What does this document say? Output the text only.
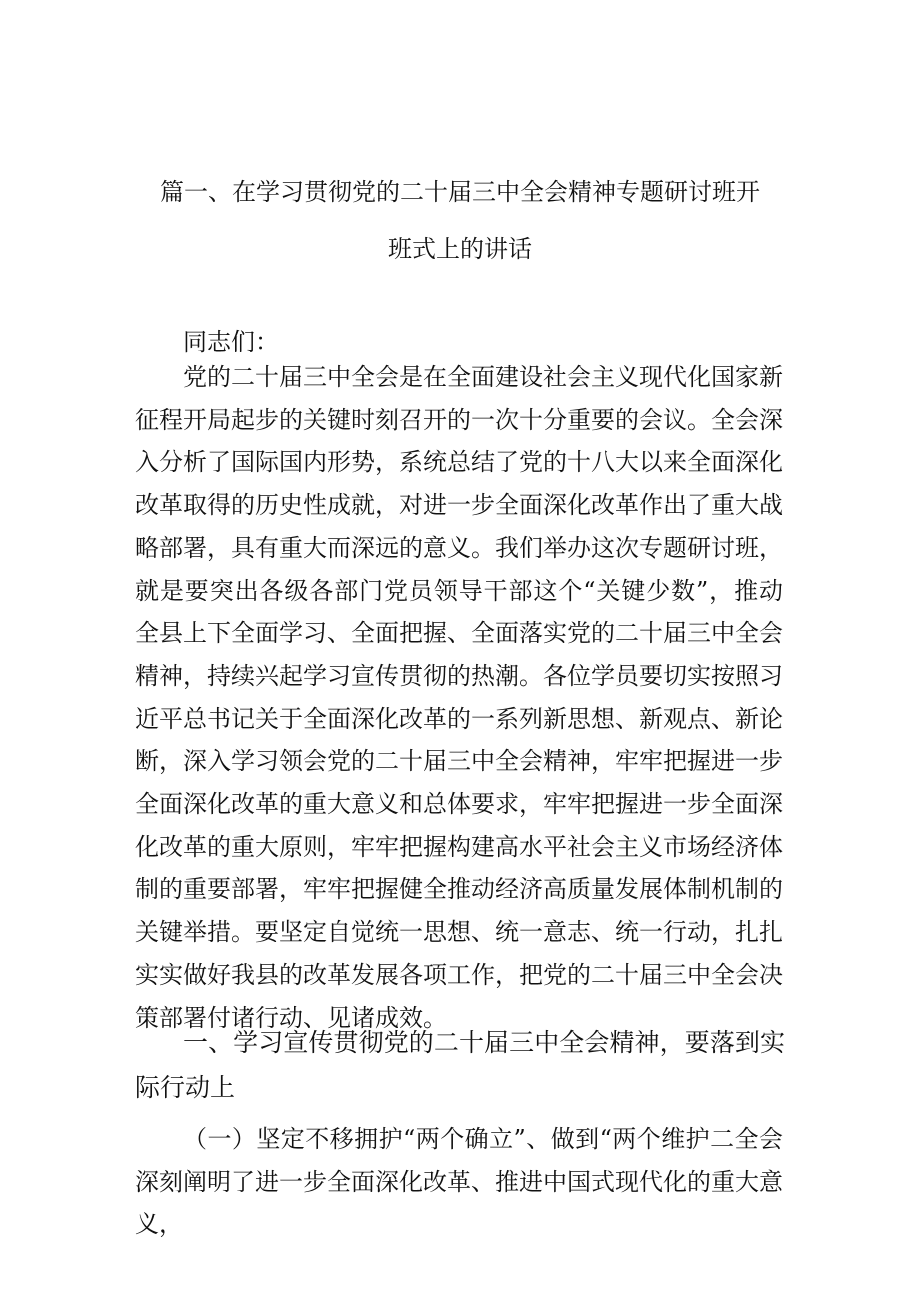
篇一、在学习贯彻党的二十届三中全会精神专题研讨班开
班式上的讲话
同志们：
党的二十届三中全会是在全面建设社会主义现代化国家新征程开局起步的关键时刻召开的一次十分重要的会议。全会深入分析了国际国内形势，系统总结了党的十八大以来全面深化改革取得的历史性成就，对进一步全面深化改革作出了重大战略部署，具有重大而深远的意义。我们举办这次专题研讨班，就是要突出各级各部门党员领导干部这个“关键少数”，推动全县上下全面学习、全面把握、全面落实党的二十届三中全会精神，持续兴起学习宣传贯彻的热潮。各位学员要切实按照习近平总书记关于全面深化改革的一系列新思想、新观点、新论断，深入学习领会党的二十届三中全会精神，牢牢把握进一步全面深化改革的重大意义和总体要求，牢牢把握进一步全面深化改革的重大原则，牢牢把握构建高水平社会主义市场经济体制的重要部署，牢牢把握健全推动经济高质量发展体制机制的关键举措。要坚定自觉统一思想、统一意志、统一行动，扎扎实实做好我县的改革发展各项工作，把党的二十届三中全会决策部署付诸行动、见诸成效。
一、学习宣传贯彻党的二十届三中全会精神，要落到实际行动上
（一）坚定不移拥护“两个确立”、做到“两个维护二全会深刻阐明了进一步全面深化改革、推进中国式现代化的重大意义，
